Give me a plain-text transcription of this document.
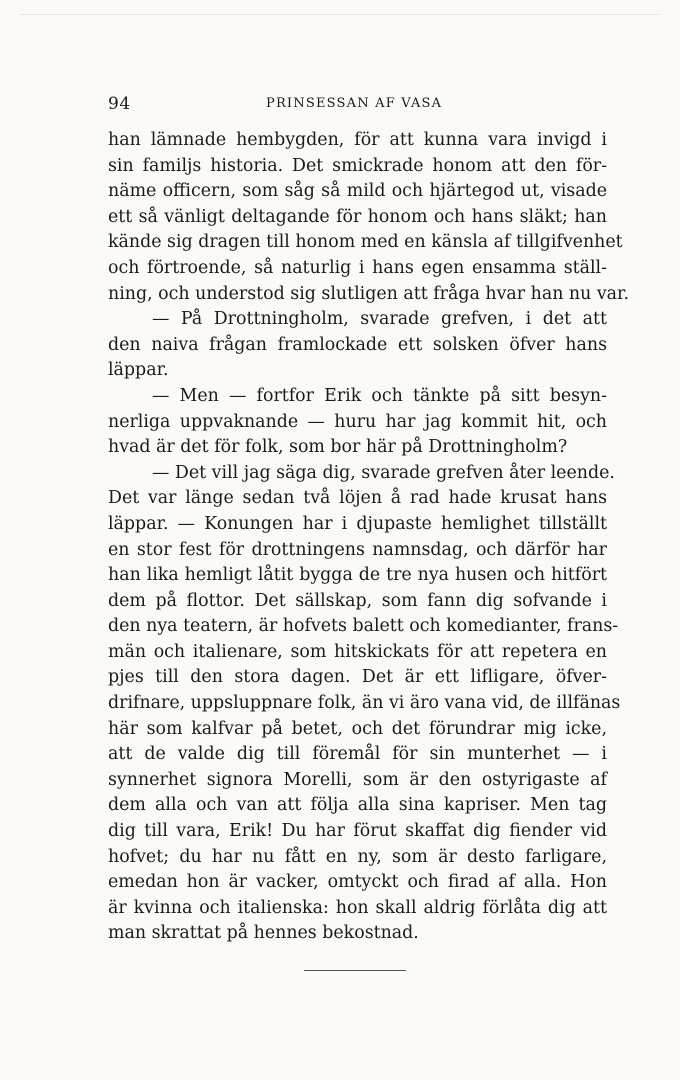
94	PRINSESSAN AF VASA
han lämnade hembygden, för att kunna vara invigd i
sin familjs historia. Det smickrade honom att den för-
näme officern, som såg så mild och hjärtegod ut, visade
ett så vänligt deltagande för honom och hans släkt; han
kände sig dragen till honom med en känsla af tillgifvenhet
och förtroende, så naturlig i hans egen ensamma ställ-
ning, och understod sig slutligen att fråga hvar han nu var.
— På Drottningholm, svarade grefven, i det att
den naiva frågan framlockade ett solsken öfver hans
läppar.
— Men — fortfor Erik och tänkte på sitt besyn-
nerliga uppvaknande — huru har jag kommit hit, och
hvad är det för folk, som bor här på Drottningholm?
— Det vill jag säga dig, svarade grefven åter leende.
Det var länge sedan två löjen å rad hade krusat hans
läppar. — Konungen har i djupaste hemlighet tillställt
en stor fest för drottningens namnsdag, och därför har
han lika hemligt låtit bygga de tre nya husen och hitfört
dem på flottor. Det sällskap, som fann dig sofvande i
den nya teatern, är hofvets balett och komedianter, frans-
män och italienare, som hitskickats för att repetera en
pjes till den stora dagen. Det är ett lifligare, öfver-
drifnare, uppsluppnare folk, än vi äro vana vid, de illfänas
här som kalfvar på betet, och det förundrar mig icke,
att de valde dig till föremål för sin munterhet — i
synnerhet signora Morelli, som är den ostyrigaste af
dem alla och van att följa alla sina kapriser. Men tag
dig till vara, Erik! Du har förut skaffat dig fiender vid
hofvet; du har nu fått en ny, som är desto farligare,
emedan hon är vacker, omtyckt och firad af alla. Hon
är kvinna och italienska: hon skall aldrig förlåta dig att
man skrattat på hennes bekostnad.
